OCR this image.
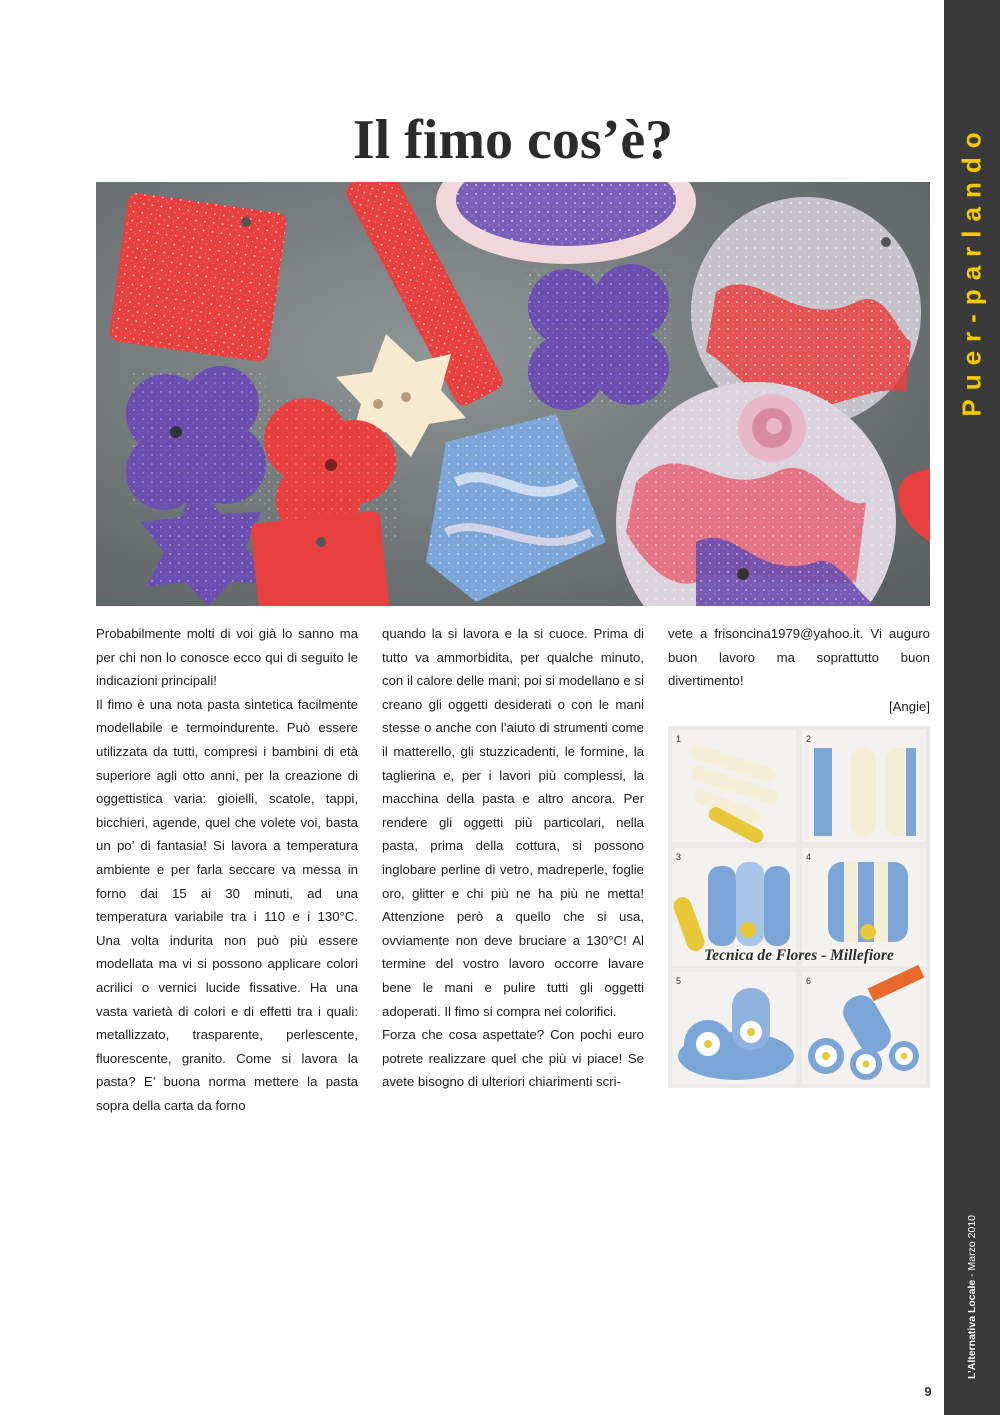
Puer-parlando
L’Alternativa Locale - Marzo 2010
9
Il fimo cos’è?

Probabilmente molti di voi già lo sanno ma per chi non lo conosce ecco qui di seguito le indicazioni principali!

Il fimo è una nota pasta sintetica facilmente modellabile e termoindurente. Può essere utilizzata da tutti, compresi i bambini di età superiore agli otto anni, per la creazione di oggettistica varia: gioielli, scatole, tappi, bicchieri, agende, quel che volete voi, basta un po’ di fantasia! Si lavora a temperatura ambiente e per farla seccare va messa in forno dai 15 ai 30 minuti, ad una temperatura variabile tra i 110 e i 130°C. Una volta indurita non può più essere modellata ma vi si possono applicare colori acrilici o vernici lucide fissative. Ha una vasta varietà di colori e di effetti tra i quali: metallizzato, trasparente, perlescente, fluorescente, granito. Come si lavora la pasta? E’ buona norma mettere la pasta sopra della carta da forno

quando la si lavora e la si cuoce. Prima di tutto va ammorbidita, per qualche minuto, con il calore delle mani; poi si modellano e si creano gli oggetti desiderati o con le mani stesse o anche con l’aiuto di strumenti come il matterello, gli stuzzicadenti, le formine, la taglierina e, per i lavori più complessi, la macchina della pasta e altro ancora. Per rendere gli oggetti più particolari, nella pasta, prima della cottura, si possono inglobare perline di vetro, madreperle, foglie oro, glitter e chi più ne ha più ne metta! Attenzione però a quello che si usa, ovviamente non deve bruciare a 130°C! Al termine del vostro lavoro occorre lavare bene le mani e pulire tutti gli oggetti adoperati. Il fimo si compra nei colorifici.

Forza che cosa aspettate? Con pochi euro potrete realizzare quel che più vi piace! Se avete bisogno di ulteriori chiarimenti scri-

vete a frisoncina1979@yahoo.it. Vi auguro buon lavoro ma soprattutto buon divertimento!

[Angie]

1	2
3	4
5	6
Tecnica de Flores - Millefiore
